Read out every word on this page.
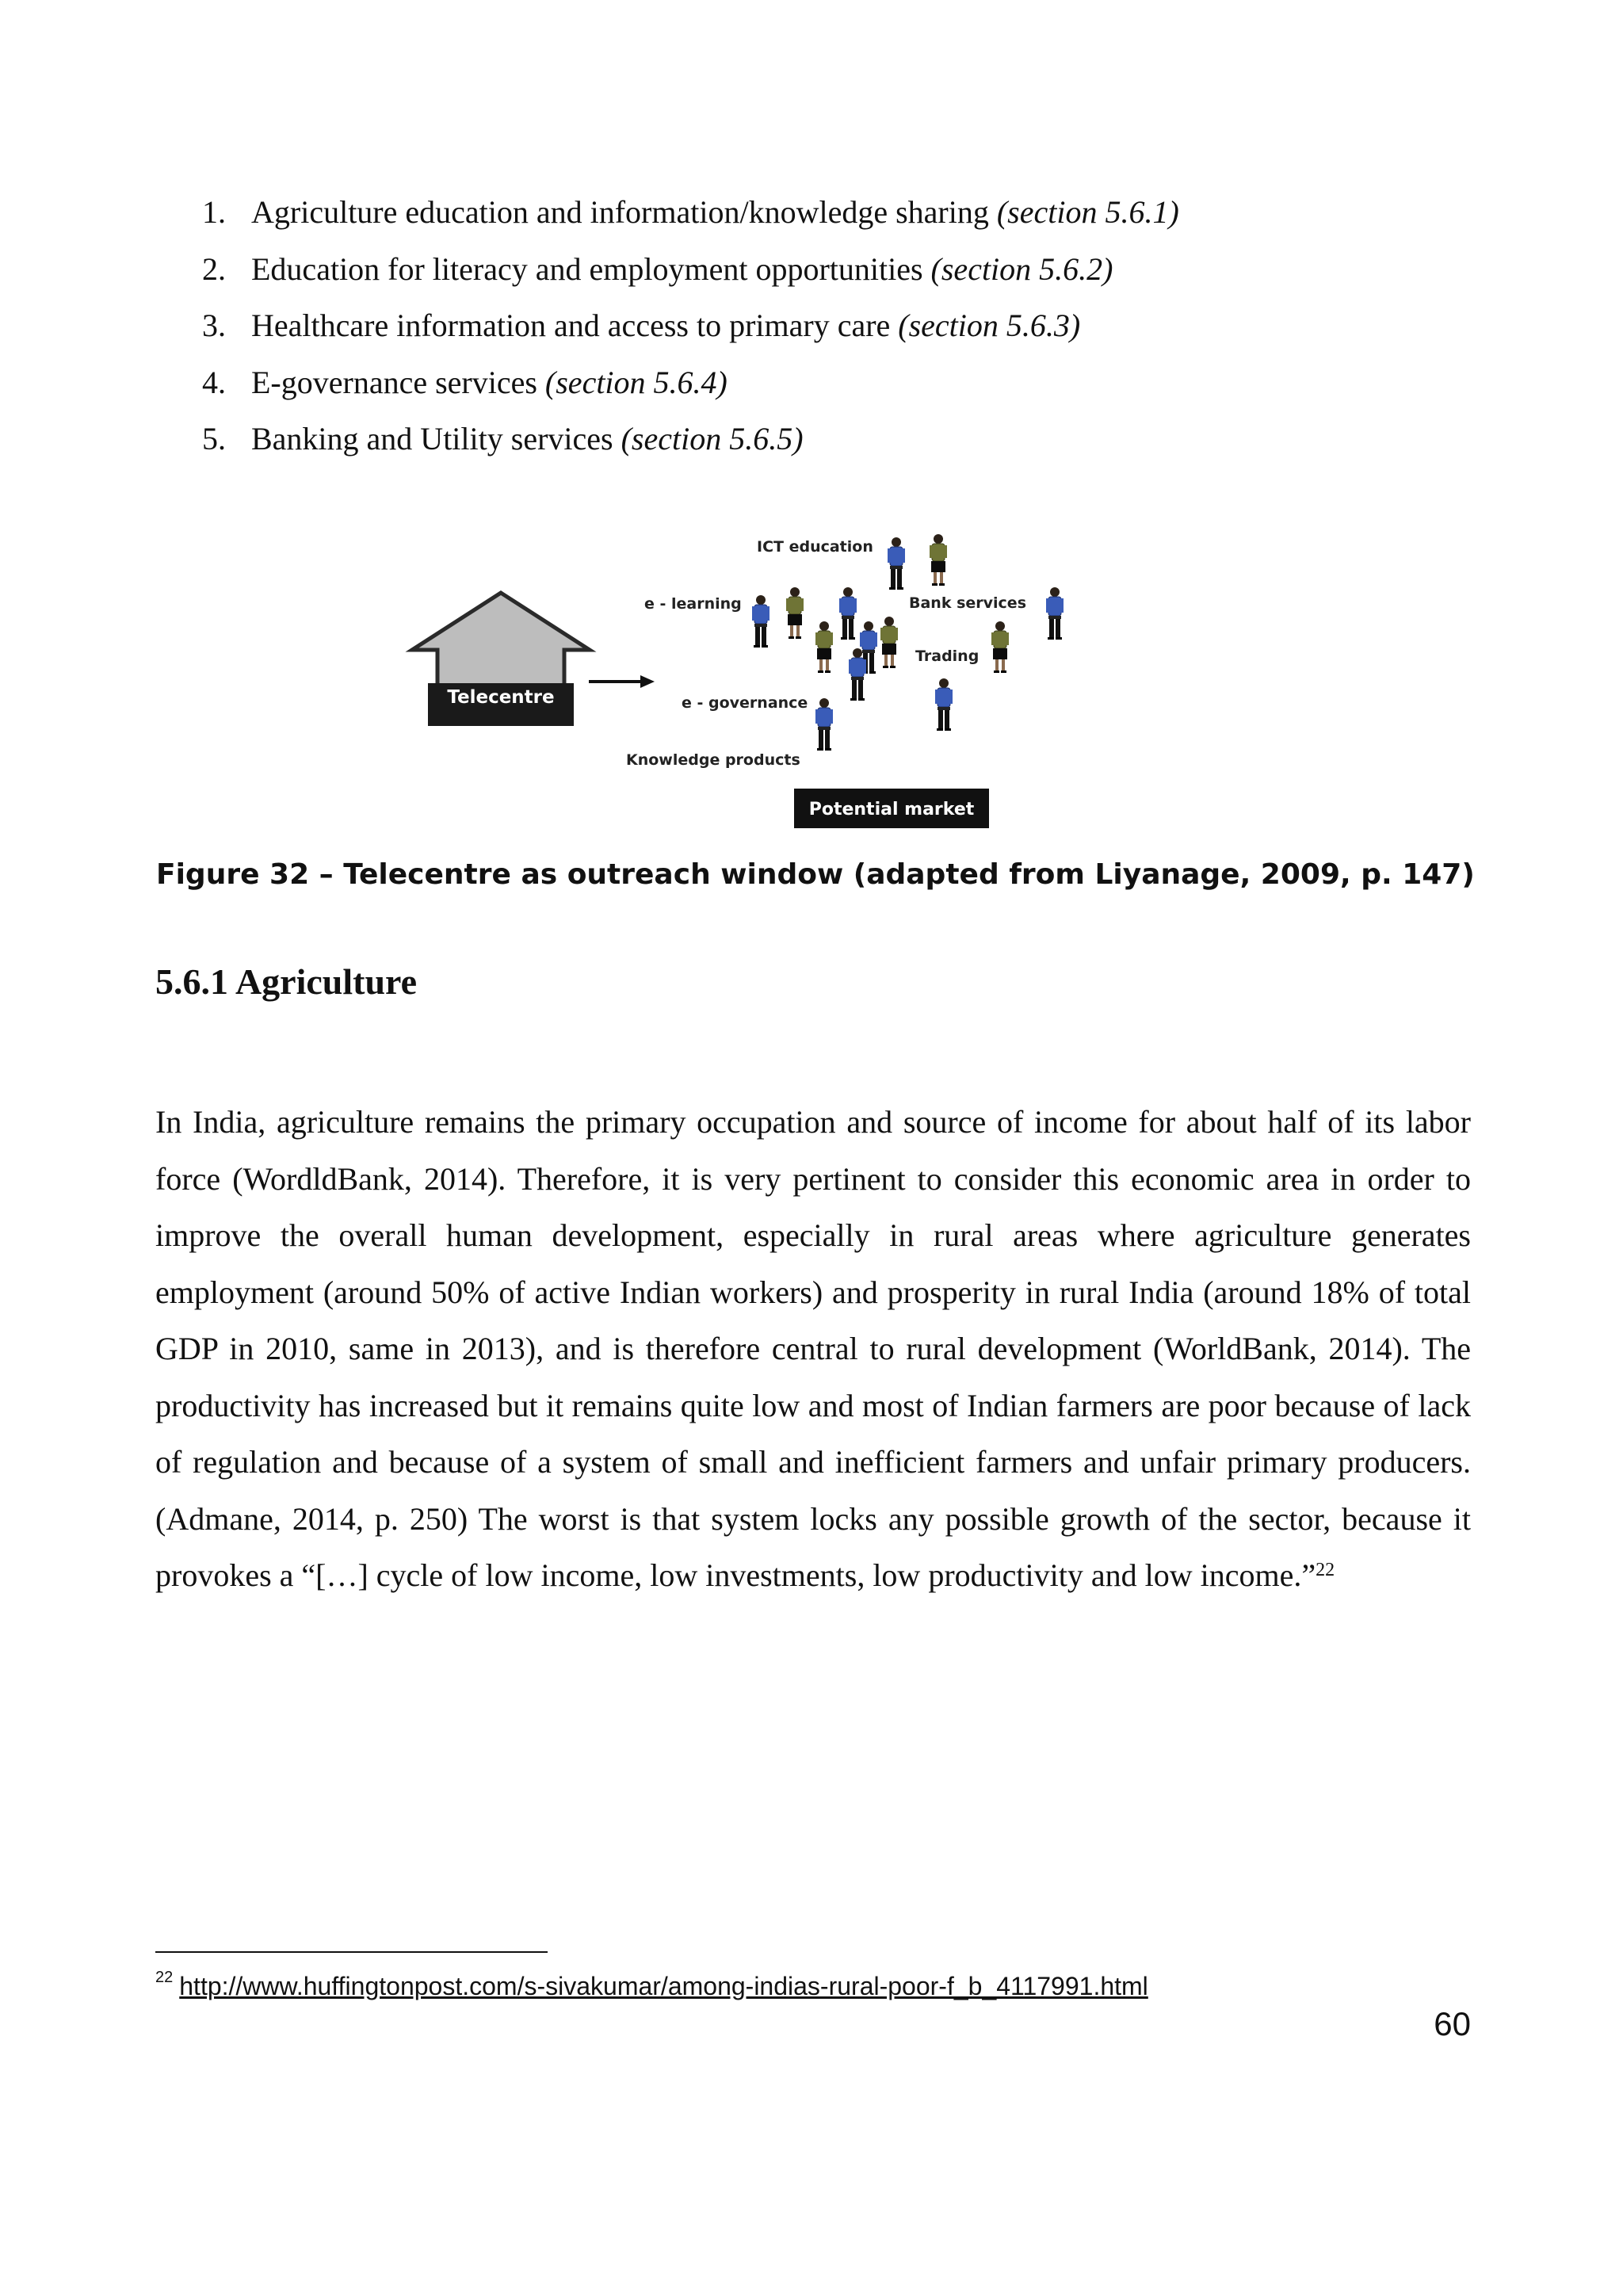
1. Agriculture education and information/knowledge sharing (section 5.6.1)
2. Education for literacy and employment opportunities (section 5.6.2)
3. Healthcare information and access to primary care (section 5.6.3)
4. E-governance services (section 5.6.4)
5. Banking and Utility services (section 5.6.5)
Telecentre
ICT education
e - learning	Bank services
Trading
e - governance
Knowledge products
Potential market
Figure 32 – Telecentre as outreach window (adapted from Liyanage, 2009, p. 147)
5.6.1 Agriculture

In India, agriculture remains the primary occupation and source of income for about half of its labor force (WordldBank, 2014). Therefore, it is very pertinent to consider this economic area in order to improve the overall human development, especially in rural areas where agriculture generates employment (around 50% of active Indian workers) and prosperity in rural India (around 18% of total GDP in 2010, same in 2013), and is therefore central to rural development (WorldBank, 2014). The productivity has increased but it remains quite low and most of Indian farmers are poor because of lack of regulation and because of a system of small and inefficient farmers and unfair primary producers. (Admane, 2014, p. 250) The worst is that system locks any possible growth of the sector, because it provokes a “[…] cycle of low income, low investments, low productivity and low income.”$^{22}$

$^{22}$ http://www.huffingtonpost.com/s-sivakumar/among-indias-rural-poor-f_b_4117991.html
60
